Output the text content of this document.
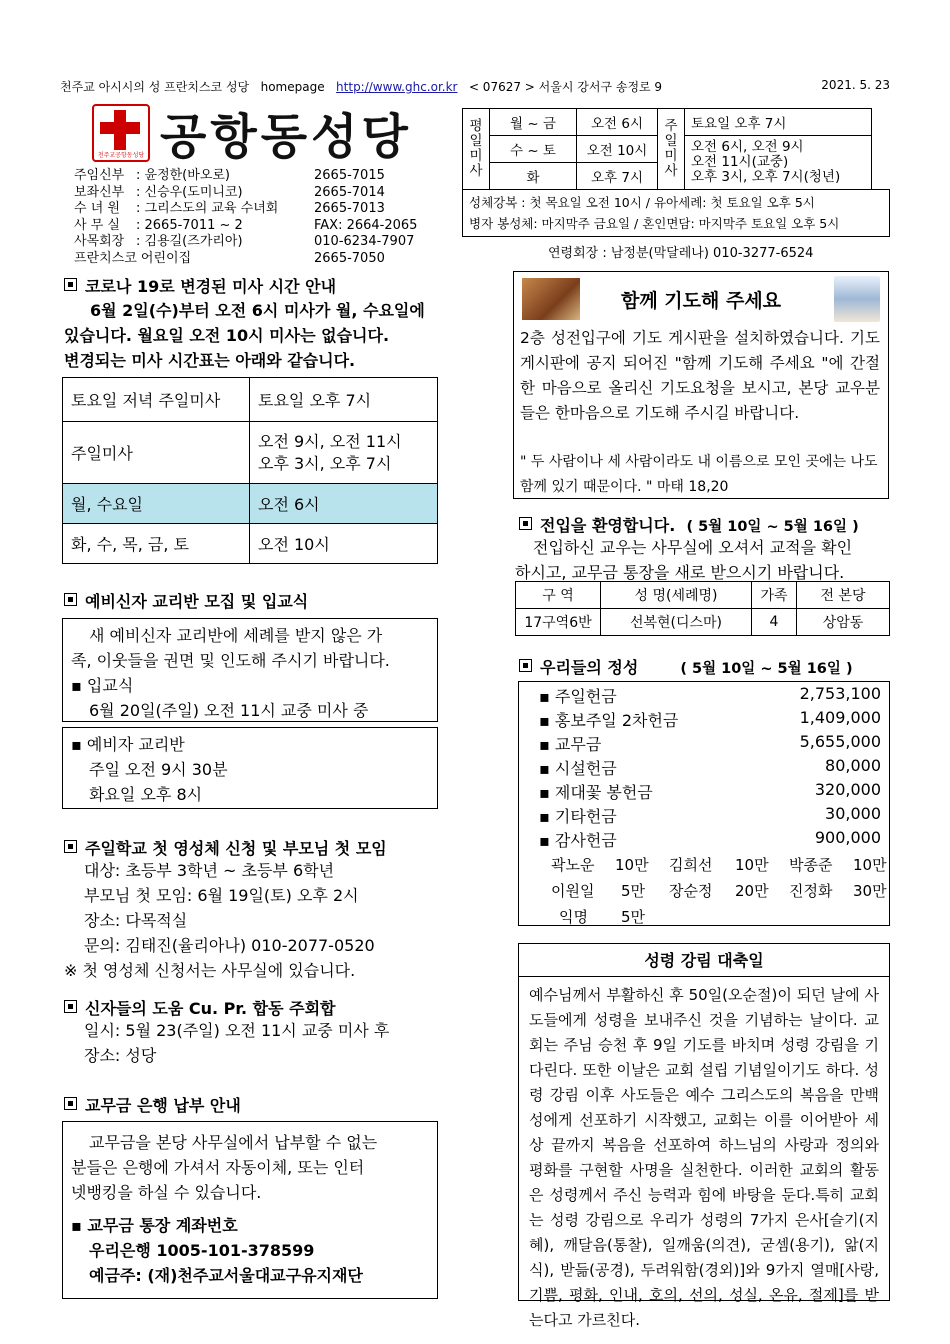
천주교 아시시의 성 프란치스코 성당 homepage http://www.ghc.or.kr < 07627 > 서울시 강서구 송정로 9	2021. 5. 23
천주교공항동성당 공항동성당
주임신부 : 윤정한(바오로)	2665-7015
보좌신부 : 신승우(도미니코)	2665-7014
수 녀 원 : 그리스도의 교육 수녀회	2665-7013
사 무 실 : 2665-7011 ~ 2	FAX: 2664-2065
사목회장 : 김용길(즈가리아)	010-6234-7907
프란치스코 어린이집	2665-7050
평일미사	월 ~ 금	오전 6시	주일미사	토요일 오후 7시
	수 ~ 토	오전 10시		오전 6시, 오전 9시
오전 11시(교중)
오후 3시, 오후 7시(청년)

	화	오후 7시		
성체강복 : 첫 목요일 오전 10시 / 유아세례: 첫 토요일 오후 5시
병자 봉성체: 마지막주 금요일 / 혼인면담: 마지막주 토요일 오후 5시
연령회장 : 남정분(막달레나) 010-3277-6524
코로나 19로 변경된 미사 시간 안내
6월 2일(수)부터 오전 6시 미사가 월, 수요일에
있습니다. 월요일 오전 10시 미사는 없습니다.
변경되는 미사 시간표는 아래와 같습니다.
토요일 저녁 주일미사	토요일 오후 7시
주일미사	오전 9시, 오전 11시
오후 3시, 오후 7시

월, 수요일	오전 6시
화, 수, 목, 금, 토	오전 10시
예비신자 교리반 모집 및 입교식
새 예비신자 교리반에 세례를 받지 않은 가
족, 이웃들을 권면 및 인도해 주시기 바랍니다.
▪ 입교식
6월 20일(주일) 오전 11시 교중 미사 중
▪ 예비자 교리반
주일 오전 9시 30분
화요일 오후 8시
주일학교 첫 영성체 신청 및 부모님 첫 모임
대상: 초등부 3학년 ~ 초등부 6학년
부모님 첫 모임: 6월 19일(토) 오후 2시
장소: 다목적실
문의: 김태진(율리아나) 010-2077-0520
※ 첫 영성체 신청서는 사무실에 있습니다.
신자들의 도움 Cu. Pr. 합동 주회합
일시: 5월 23(주일) 오전 11시 교중 미사 후
장소: 성당
교무금 은행 납부 안내
교무금을 본당 사무실에서 납부할 수 없는
분들은 은행에 가셔서 자동이체, 또는 인터
넷뱅킹을 하실 수 있습니다.
▪ 교무금 통장 계좌번호
우리은행 1005-101-378599
예금주: (재)천주교서울대교구유지재단
함께 기도해 주세요
2층 성전입구에 기도 게시판을 설치하였습니다. 기도 게시판에 공지 되어진 "함께 기도해 주세요 "에 간절한 마음으로 올리신 기도요청을 보시고, 본당 교우분들은 한마음으로 기도해 주시길 바랍니다.
" 두 사람이나 세 사람이라도 내 이름으로 모인 곳에는 나도 함께 있기 때문이다. " 마태 18,20
전입을 환영합니다. ( 5월 10일 ~ 5월 16일 )
전입하신 교우는 사무실에 오셔서 교적을 확인
하시고, 교무금 통장을 새로 받으시기 바랍니다.
구 역	성 명(세례명)	가족	전 본당
17구역6반	선복현(디스마)	4	상암동
우리들의 정성	( 5월 10일 ~ 5월 16일 )
▪ 주일헌금	2,753,100
▪ 홍보주일 2차헌금	1,409,000
▪ 교무금	5,655,000
▪ 시설헌금	80,000
▪ 제대꽃 봉헌금	320,000
▪ 기타헌금	30,000
▪ 감사헌금	900,000
곽노운 10만 김희선 10만 박종준 10만
이원일 5만 장순정 20만 진정화 30만
익명 5만
성령 강림 대축일
예수님께서 부활하신 후 50일(오순절)이 되던 날에 사도들에게 성령을 보내주신 것을 기념하는 날이다. 교회는 주님 승천 후 9일 기도를 바치며 성령 강림을 기다린다. 또한 이날은 교회 설립 기념일이기도 하다. 성령 강림 이후 사도들은 예수 그리스도의 복음을 만백성에게 선포하기 시작했고, 교회는 이를 이어받아 세상 끝까지 복음을 선포하여 하느님의 사랑과 정의와 평화를 구현할 사명을 실천한다. 이러한 교회의 활동은 성령께서 주신 능력과 힘에 바탕을 둔다.특히 교회는 성령 강림으로 우리가 성령의 7가지 은사[슬기(지혜), 깨달음(통찰), 일깨움(의견), 굳셈(용기), 앎(지식), 받듦(공경), 두려워함(경외)]와 9가지 열매[사랑, 기쁨, 평화, 인내, 호의, 선의, 성실, 온유, 절제]를 받는다고 가르친다.
